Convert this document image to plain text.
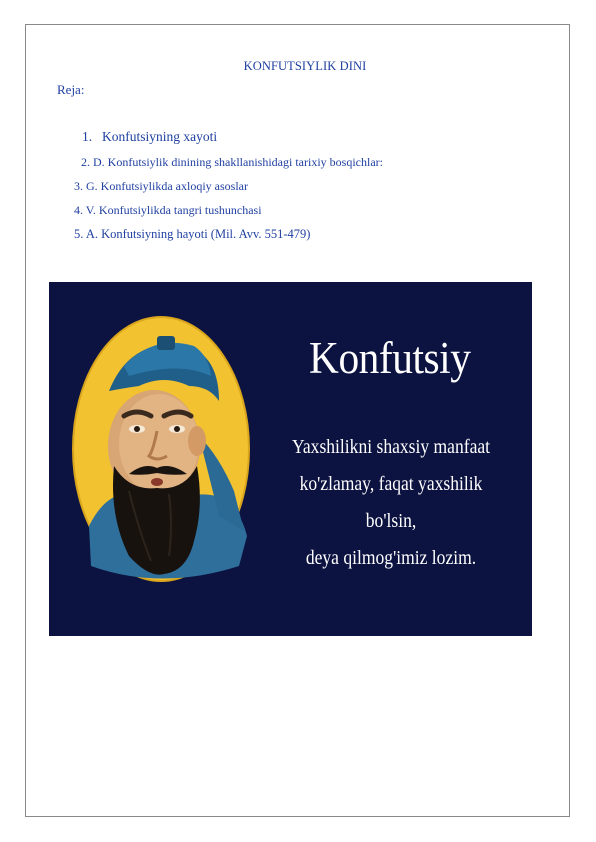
KONFUTSIYLIK DINI
Reja:
1. Konfutsiyning xayoti
2. D. Konfutsiylik dinining shakllanishidagi tarixiy bosqichlar:
3. G. Konfutsiylikda axloqiy asoslar
4. V. Konfutsiylikda tangri tushunchasi
5. A. Konfutsiyning hayoti (Mil. Avv. 551-479)
Konfutsiy
Yaxshilikni shaxsiy manfaat
ko'zlamay, faqat yaxshilik bo'lsin,
deya qilmog'imiz lozim.
